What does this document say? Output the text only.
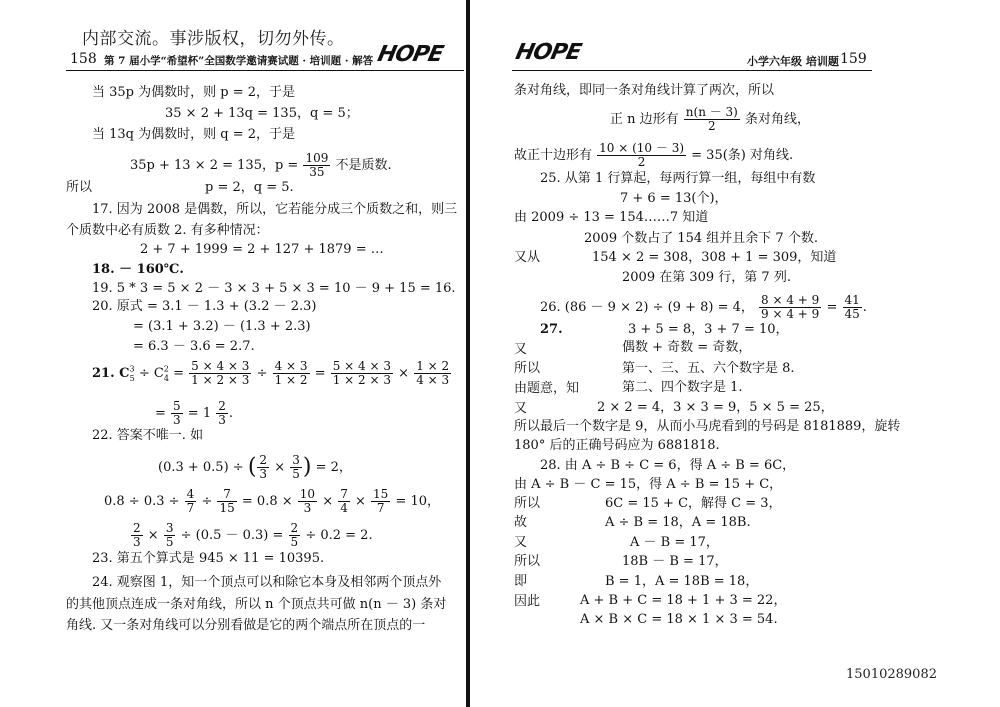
内部交流。事涉版权，切勿外传。
158 第 7 届小学“希望杯”全国数学邀请赛试题 · 培训题 · 解答 HOPE
当 35p 为偶数时，则 p = 2，于是
35 × 2 + 13q = 135，q = 5；
当 13q 为偶数时，则 q = 2，于是
35p + 13 × 2 = 135，$p = \frac{109}{35}$ 不是质数.
所以	p = 2，q = 5.
17. 因为 2008 是偶数，所以，它若能分成三个质数之和，则三
个质数中必有质数 2. 有多种情况：
2 + 7 + 1999 = 2 + 127 + 1879 = …
18. － 160℃.
19. 5 * 3 = 5 × 2 － 3 × 3 + 5 × 3 = 10 － 9 + 15 = 16.
20. 原式 = 3.1 － 1.3 + (3.2 － 2.3)
= (3.1 + 3.2) － (1.3 + 2.3)
= 6.3 － 3.6 = 2.7.
21. $C^3_5 \div C^2_4 = \frac{5 \times 4 \times 3}{1 \times 2 \times 3} \div \frac{4 \times 3}{1 \times 2} = \frac{5 \times 4 \times 3}{1 \times 2 \times 3} \times \frac{1 \times 2}{4 \times 3}$
= $\frac{5}{3} = 1 \frac{2}{3}$ .
22. 答案不唯一. 如
(0.3 + 0.5) ÷ ( $\frac{2}{3} \times \frac{3}{5}$ ) = 2，
$0.8 \div 0.3 \div \frac{4}{7} \div \frac{7}{15} = 0.8 \times \frac{10}{3} \times \frac{7}{4} \times \frac{15}{7} = 10$，
$\frac{2}{3} \times \frac{3}{5} \div (0.5 - 0.3) = \frac{2}{5} \div 0.2 = 2$.
23. 第五个算式是 945 × 11 = 10395.
24. 观察图 1，知一个顶点可以和除它本身及相邻两个顶点外
的其他顶点连成一条对角线，所以 n 个顶点共可做 n(n － 3) 条对
角线. 又一条对角线可以分别看做是它的两个端点所在顶点的一
HOPE	小学六年级 培训题 159
条对角线，即同一条对角线计算了两次，所以
正 n 边形有 $\frac{n(n - 3)}{2}$ 条对角线，
故正十边形有 $\frac{10 \times (10 - 3)}{2} = 35$(条) 对角线.
25. 从第 1 行算起，每两行算一组，每组中有数
7 + 6 = 13(个)，
由 2009 ÷ 13 = 154……7 知道
2009 个数占了 154 组并且余下 7 个数.
又从	154 × 2 = 308，308 + 1 = 309，知道
2009 在第 309 行，第 7 列.
26. (86 － 9 × 2) ÷ (9 + 8) = 4， $\frac{8 \times 4 + 9}{9 \times 4 + 9} = \frac{41}{45}$ .
27.	3 + 5 = 8，3 + 7 = 10，
又	偶数 + 奇数 = 奇数，
所以	第一、三、五、六个数字是 8.
由题意，知	第二、四个数字是 1.
又	2 × 2 = 4，3 × 3 = 9，5 × 5 = 25，
所以最后一个数字是 9，从而小马虎看到的号码是 8181889，旋转
180° 后的正确号码应为 6881818.
28. 由 A ÷ B ÷ C = 6，得 A ÷ B = 6C，
由 A ÷ B － C = 15，得 A ÷ B = 15 + C，
所以	6C = 15 + C，解得 C = 3，
故	A ÷ B = 18，A = 18B.
又	A － B = 17，
所以	18B － B = 17，
即	B = 1，A = 18B = 18，
因此	A + B + C = 18 + 1 + 3 = 22，
A × B × C = 18 × 1 × 3 = 54.
15010289082
